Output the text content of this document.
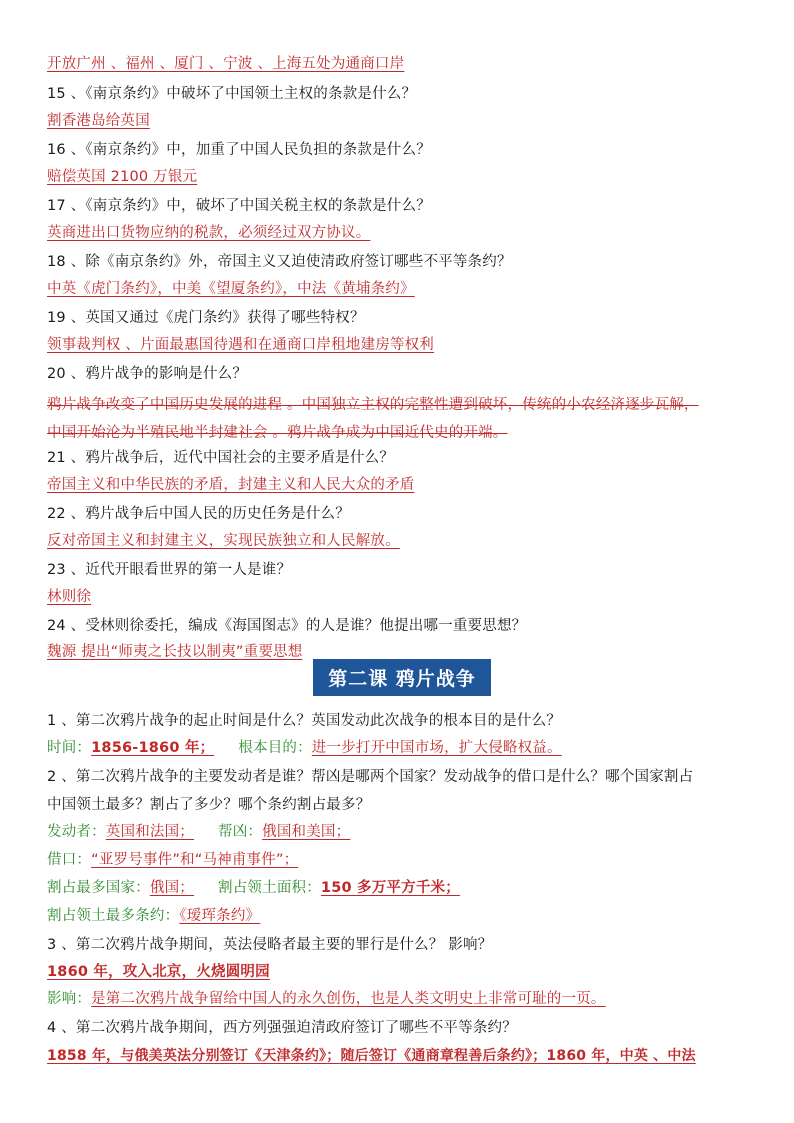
开放广州 、福州 、厦门 、宁波 、上海五处为通商口岸
15 、《南京条约》中破坏了中国领土主权的条款是什么？
割香港岛给英国
16 、《南京条约》中，加重了中国人民负担的条款是什么？
赔偿英国 2100 万银元
17 、《南京条约》中，破坏了中国关税主权的条款是什么？
英商进出口货物应纳的税款，必须经过双方协议。
18 、除《南京条约》外，帝国主义又迫使清政府签订哪些不平等条约？
中英《虎门条约》，中美《望厦条约》，中法《黄埔条约》
19 、英国又通过《虎门条约》获得了哪些特权？
领事裁判权 、片面最惠国待遇和在通商口岸租地建房等权利
20 、鸦片战争的影响是什么？
鸦片战争改变了中国历史发展的进程 。中国独立主权的完整性遭到破坏，传统的小农经济逐步瓦解，
中国开始沦为半殖民地半封建社会 。鸦片战争成为中国近代史的开端。
21 、鸦片战争后，近代中国社会的主要矛盾是什么？
帝国主义和中华民族的矛盾，封建主义和人民大众的矛盾
22 、鸦片战争后中国人民的历史任务是什么？
反对帝国主义和封建主义，实现民族独立和人民解放。
23 、近代开眼看世界的第一人是谁？
林则徐
24 、受林则徐委托，编成《海国图志》的人是谁？他提出哪一重要思想？
魏源 提出“师夷之长技以制夷”重要思想
第二课 鸦片战争
1 、第二次鸦片战争的起止时间是什么？英国发动此次战争的根本目的是什么？
时间：1856-1860 年； 根本目的：进一步打开中国市场，扩大侵略权益。
2 、第二次鸦片战争的主要发动者是谁？帮凶是哪两个国家？发动战争的借口是什么？哪个国家割占
中国领土最多？割占了多少？哪个条约割占最多？
发动者：英国和法国； 帮凶：俄国和美国；
借口：“亚罗号事件”和“马神甫事件”；
割占最多国家：俄国； 割占领土面积：150 多万平方千米；
割占领土最多条约：《瑷珲条约》
3 、第二次鸦片战争期间，英法侵略者最主要的罪行是什么？ 影响？
1860 年，攻入北京，火烧圆明园
影响：是第二次鸦片战争留给中国人的永久创伤，也是人类文明史上非常可耻的一页。
4 、第二次鸦片战争期间，西方列强强迫清政府签订了哪些不平等条约？
1858 年，与俄美英法分别签订《天津条约》；随后签订《通商章程善后条约》；1860 年，中英 、中法
